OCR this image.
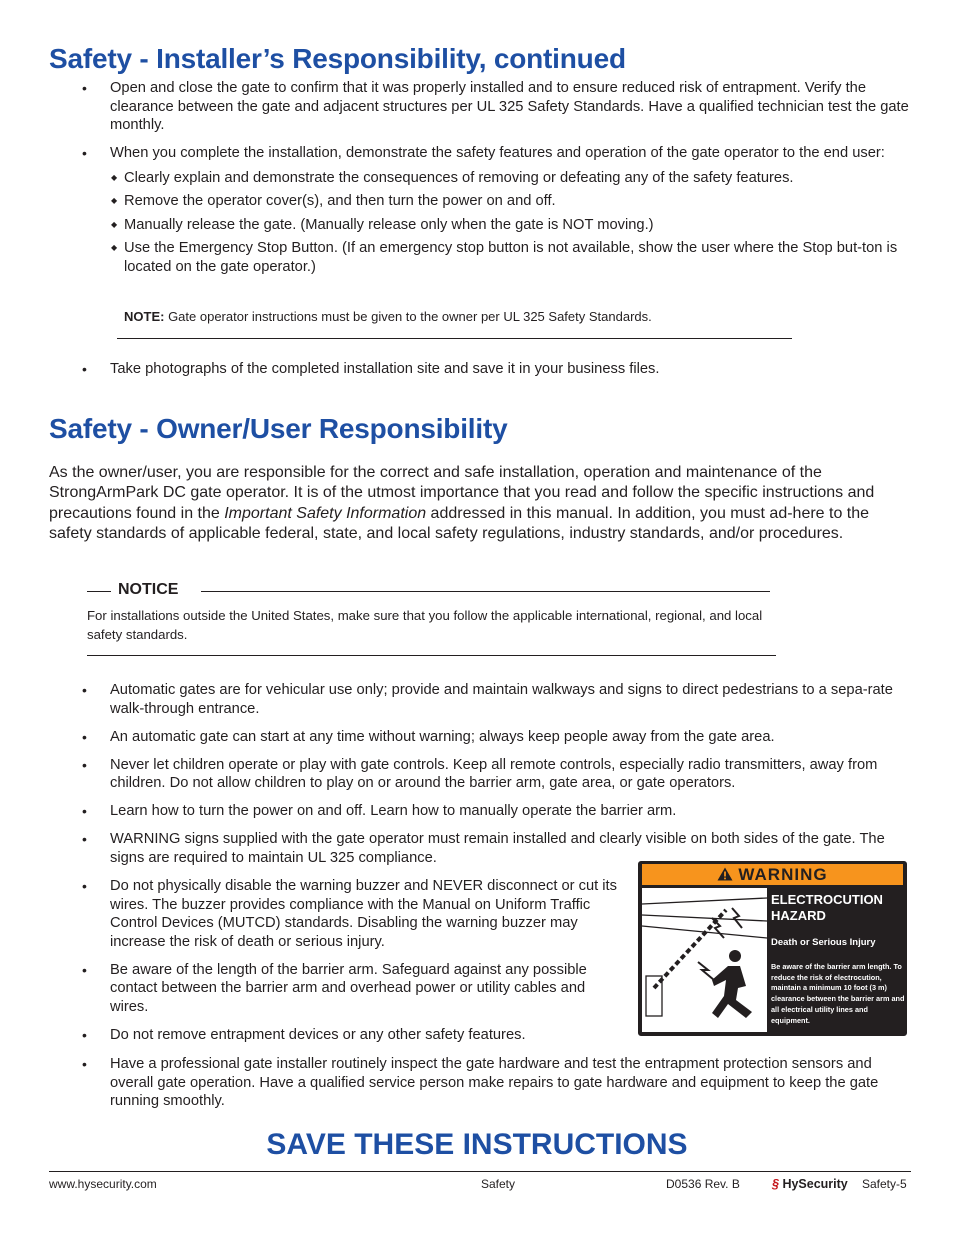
Safety - Installer’s Responsibility, continued
• Open and close the gate to confirm that it was properly installed and to ensure reduced risk of entrapment. Verify the clearance between the gate and adjacent structures per UL 325 Safety Standards. Have a qualified technician test the gate monthly.
• When you complete the installation, demonstrate the safety features and operation of the gate operator to the end user:
◆ Clearly explain and demonstrate the consequences of removing or defeating any of the safety features.
◆ Remove the operator cover(s), and then turn the power on and off.
◆ Manually release the gate. (Manually release only when the gate is NOT moving.)
◆ Use the Emergency Stop Button. (If an emergency stop button is not available, show the user where the Stop but-ton is located on the gate operator.)
NOTE: Gate operator instructions must be given to the owner per UL 325 Safety Standards.
• Take photographs of the completed installation site and save it in your business files.
Safety - Owner/User Responsibility

As the owner/user, you are responsible for the correct and safe installation, operation and maintenance of the StrongArmPark DC gate operator. It is of the utmost importance that you read and follow the specific instructions and precautions found in the Important Safety Information addressed in this manual. In addition, you must ad-here to the safety standards of applicable federal, state, and local safety regulations, industry standards, and/or procedures.

NOTICE

For installations outside the United States, make sure that you follow the applicable international, regional, and local safety standards.

• Automatic gates are for vehicular use only; provide and maintain walkways and signs to direct pedestrians to a sepa-rate walk-through entrance.
• An automatic gate can start at any time without warning; always keep people away from the gate area.
• Never let children operate or play with gate controls. Keep all remote controls, especially radio transmitters, away from children. Do not allow children to play on or around the barrier arm, gate area, or gate operators.
• Learn how to turn the power on and off. Learn how to manually operate the barrier arm.
• WARNING signs supplied with the gate operator must remain installed and clearly visible on both sides of the gate. The signs are required to maintain UL 325 compliance.
• Do not physically disable the warning buzzer and NEVER disconnect or cut its wires. The buzzer provides compliance with the Manual on Uniform Traffic Control Devices (MUTCD) standards. Disabling the warning buzzer may increase the risk of death or serious injury.
• Be aware of the length of the barrier arm. Safeguard against any possible contact between the barrier arm and overhead power or utility cables and wires.
• Do not remove entrapment devices or any other safety features.
• Have a professional gate installer routinely inspect the gate hardware and test the entrapment protection sensors and overall gate operation. Have a qualified service person make repairs to gate hardware and equipment to keep the gate running smoothly.
WARNING
ELECTROCUTION HAZARD
Death or Serious Injury
Be aware of the barrier arm length. To reduce the risk of electrocution, maintain a minimum 10 foot (3 m) clearance between the barrier arm and all electrical utility lines and equipment.
SAVE THESE INSTRUCTIONS
www.hysecurity.com	Safety	D0536 Rev. B	§ HySecurity Safety-5
